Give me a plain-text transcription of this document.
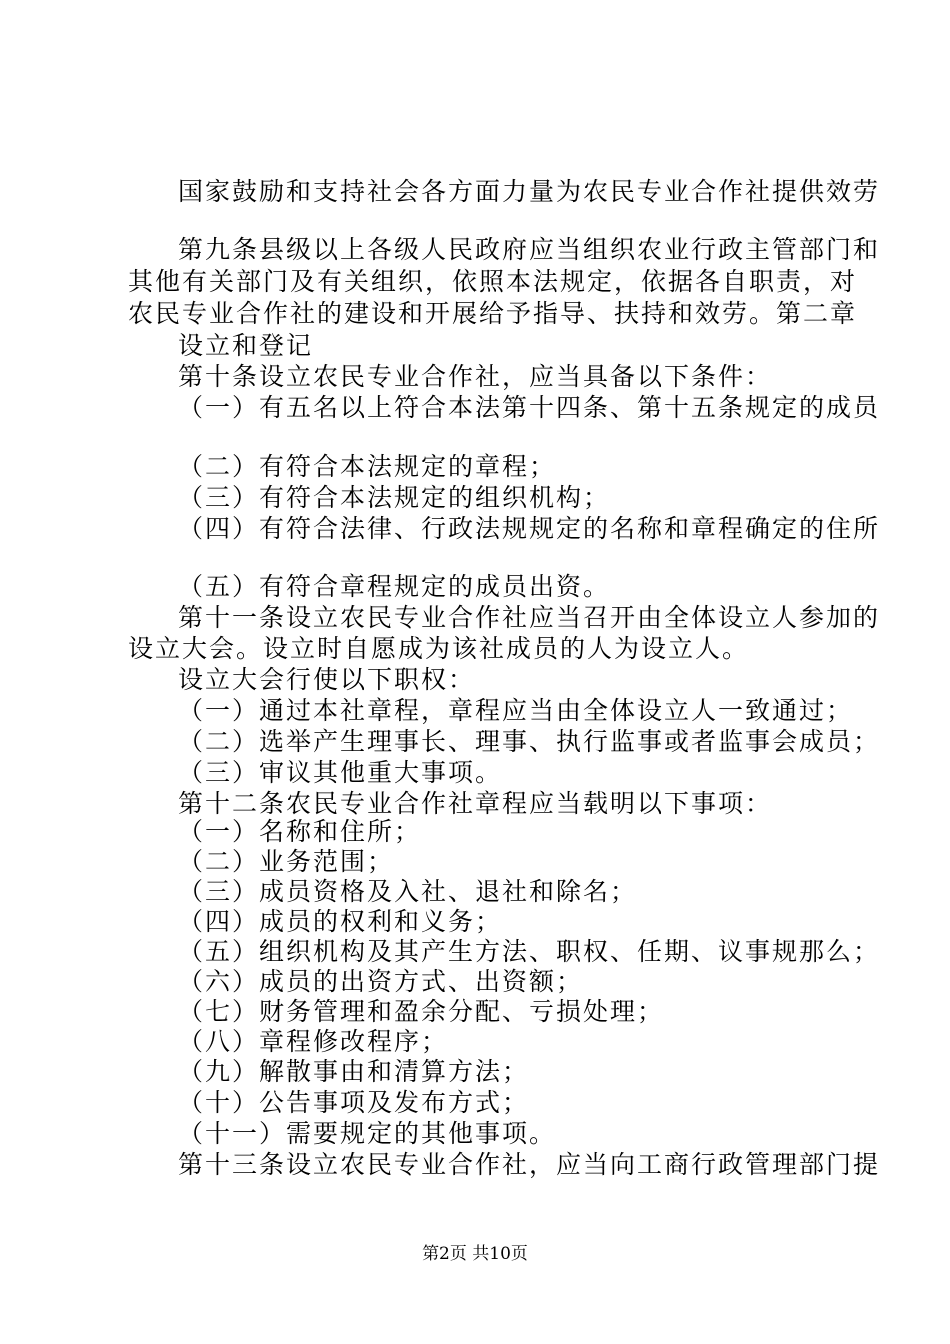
国家鼓励和支持社会各方面力量为农民专业合作社提供效劳
第九条县级以上各级人民政府应当组织农业行政主管部门和
其他有关部门及有关组织，依照本法规定，依据各自职责，对
农民专业合作社的建设和开展给予指导、扶持和效劳。第二章
设立和登记
第十条设立农民专业合作社，应当具备以下条件：
（一）有五名以上符合本法第十四条、第十五条规定的成员
（二）有符合本法规定的章程；
（三）有符合本法规定的组织机构；
（四）有符合法律、行政法规规定的名称和章程确定的住所
（五）有符合章程规定的成员出资。
第十一条设立农民专业合作社应当召开由全体设立人参加的
设立大会。设立时自愿成为该社成员的人为设立人。
设立大会行使以下职权：
（一）通过本社章程，章程应当由全体设立人一致通过；
（二）选举产生理事长、理事、执行监事或者监事会成员；
（三）审议其他重大事项。
第十二条农民专业合作社章程应当载明以下事项：
（一）名称和住所；
（二）业务范围；
（三）成员资格及入社、退社和除名；
（四）成员的权利和义务；
（五）组织机构及其产生方法、职权、任期、议事规那么；
（六）成员的出资方式、出资额；
（七）财务管理和盈余分配、亏损处理；
（八）章程修改程序；
（九）解散事由和清算方法；
（十）公告事项及发布方式；
（十一）需要规定的其他事项。
第十三条设立农民专业合作社，应当向工商行政管理部门提
第2页 共10页
